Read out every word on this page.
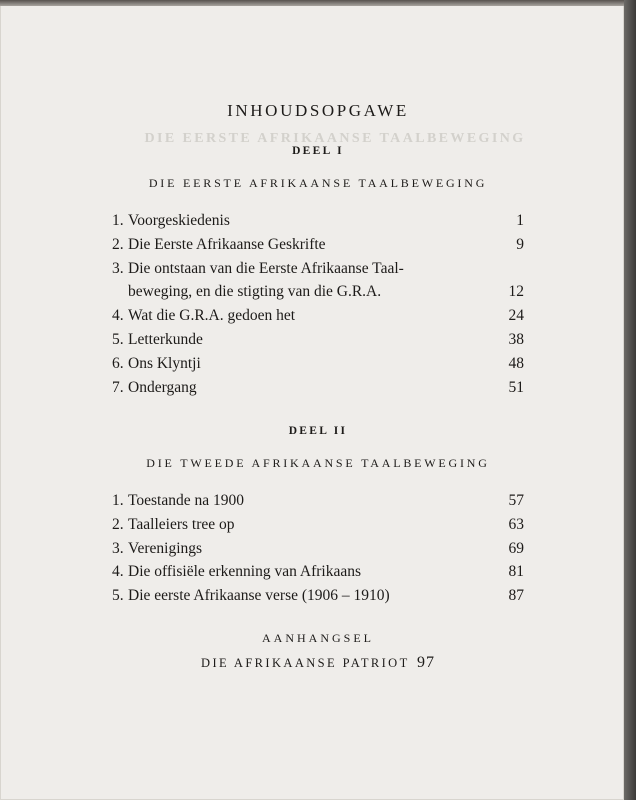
DIE EERSTE AFRIKAANSE TAALBEWEGING
INHOUDSOPGAWE
DEEL I
DIE EERSTE AFRIKAANSE TAALBEWEGING
1. Voorgeskiedenis	1
2. Die Eerste Afrikaanse Geskrifte	9
3. Die ontstaan van die Eerste Afrikaanse Taal-
beweging, en die stigting van die G.R.A.	12
4. Wat die G.R.A. gedoen het	24
5. Letterkunde	38
6. Ons Klyntji	48
7. Ondergang	51
DEEL II
DIE TWEEDE AFRIKAANSE TAALBEWEGING
1. Toestande na 1900	57
2. Taalleiers tree op	63
3. Verenigings	69
4. Die offisiële erkenning van Afrikaans	81
5. Die eerste Afrikaanse verse (1906 – 1910)	87
AANHANGSEL
DIE AFRIKAANSE PATRIOT 97
